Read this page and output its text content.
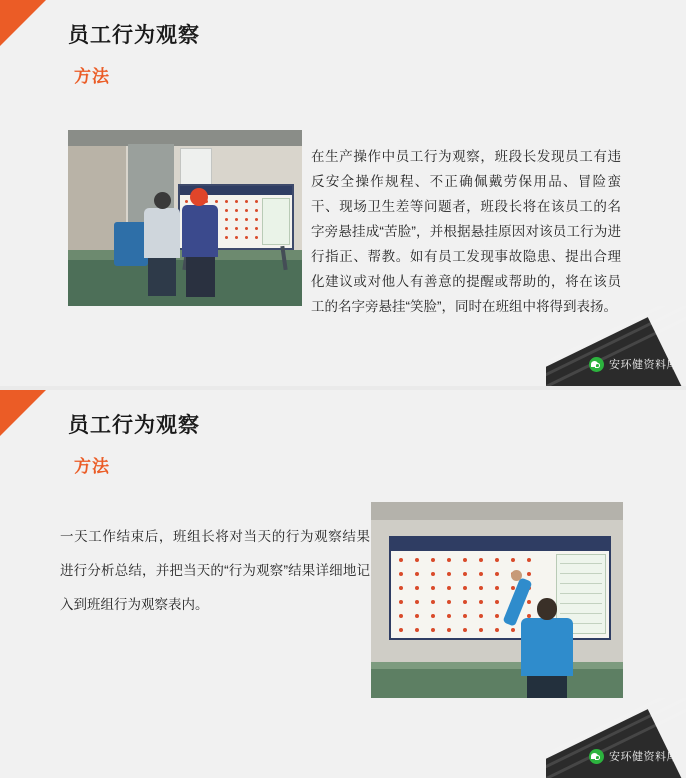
员工行为观察
方法

在生产操作中员工行为观察，班段长发现员工有违反安全操作规程、不正确佩戴劳保用品、冒险蛮干、现场卫生差等问题者，班段长将在该员工的名字旁悬挂成“苦脸”，并根据悬挂原因对该员工行为进行指正、帮教。如有员工发现事故隐患、提出合理化建议或对他人有善意的提醒或帮助的，将在该员工的名字旁悬挂“笑脸”，同时在班组中将得到表扬。

安环健资料库
员工行为观察
方法

一天工作结束后，班组长将对当天的行为观察结果进行分析总结，并把当天的“行为观察”结果详细地记入到班组行为观察表内。

安环健资料库
